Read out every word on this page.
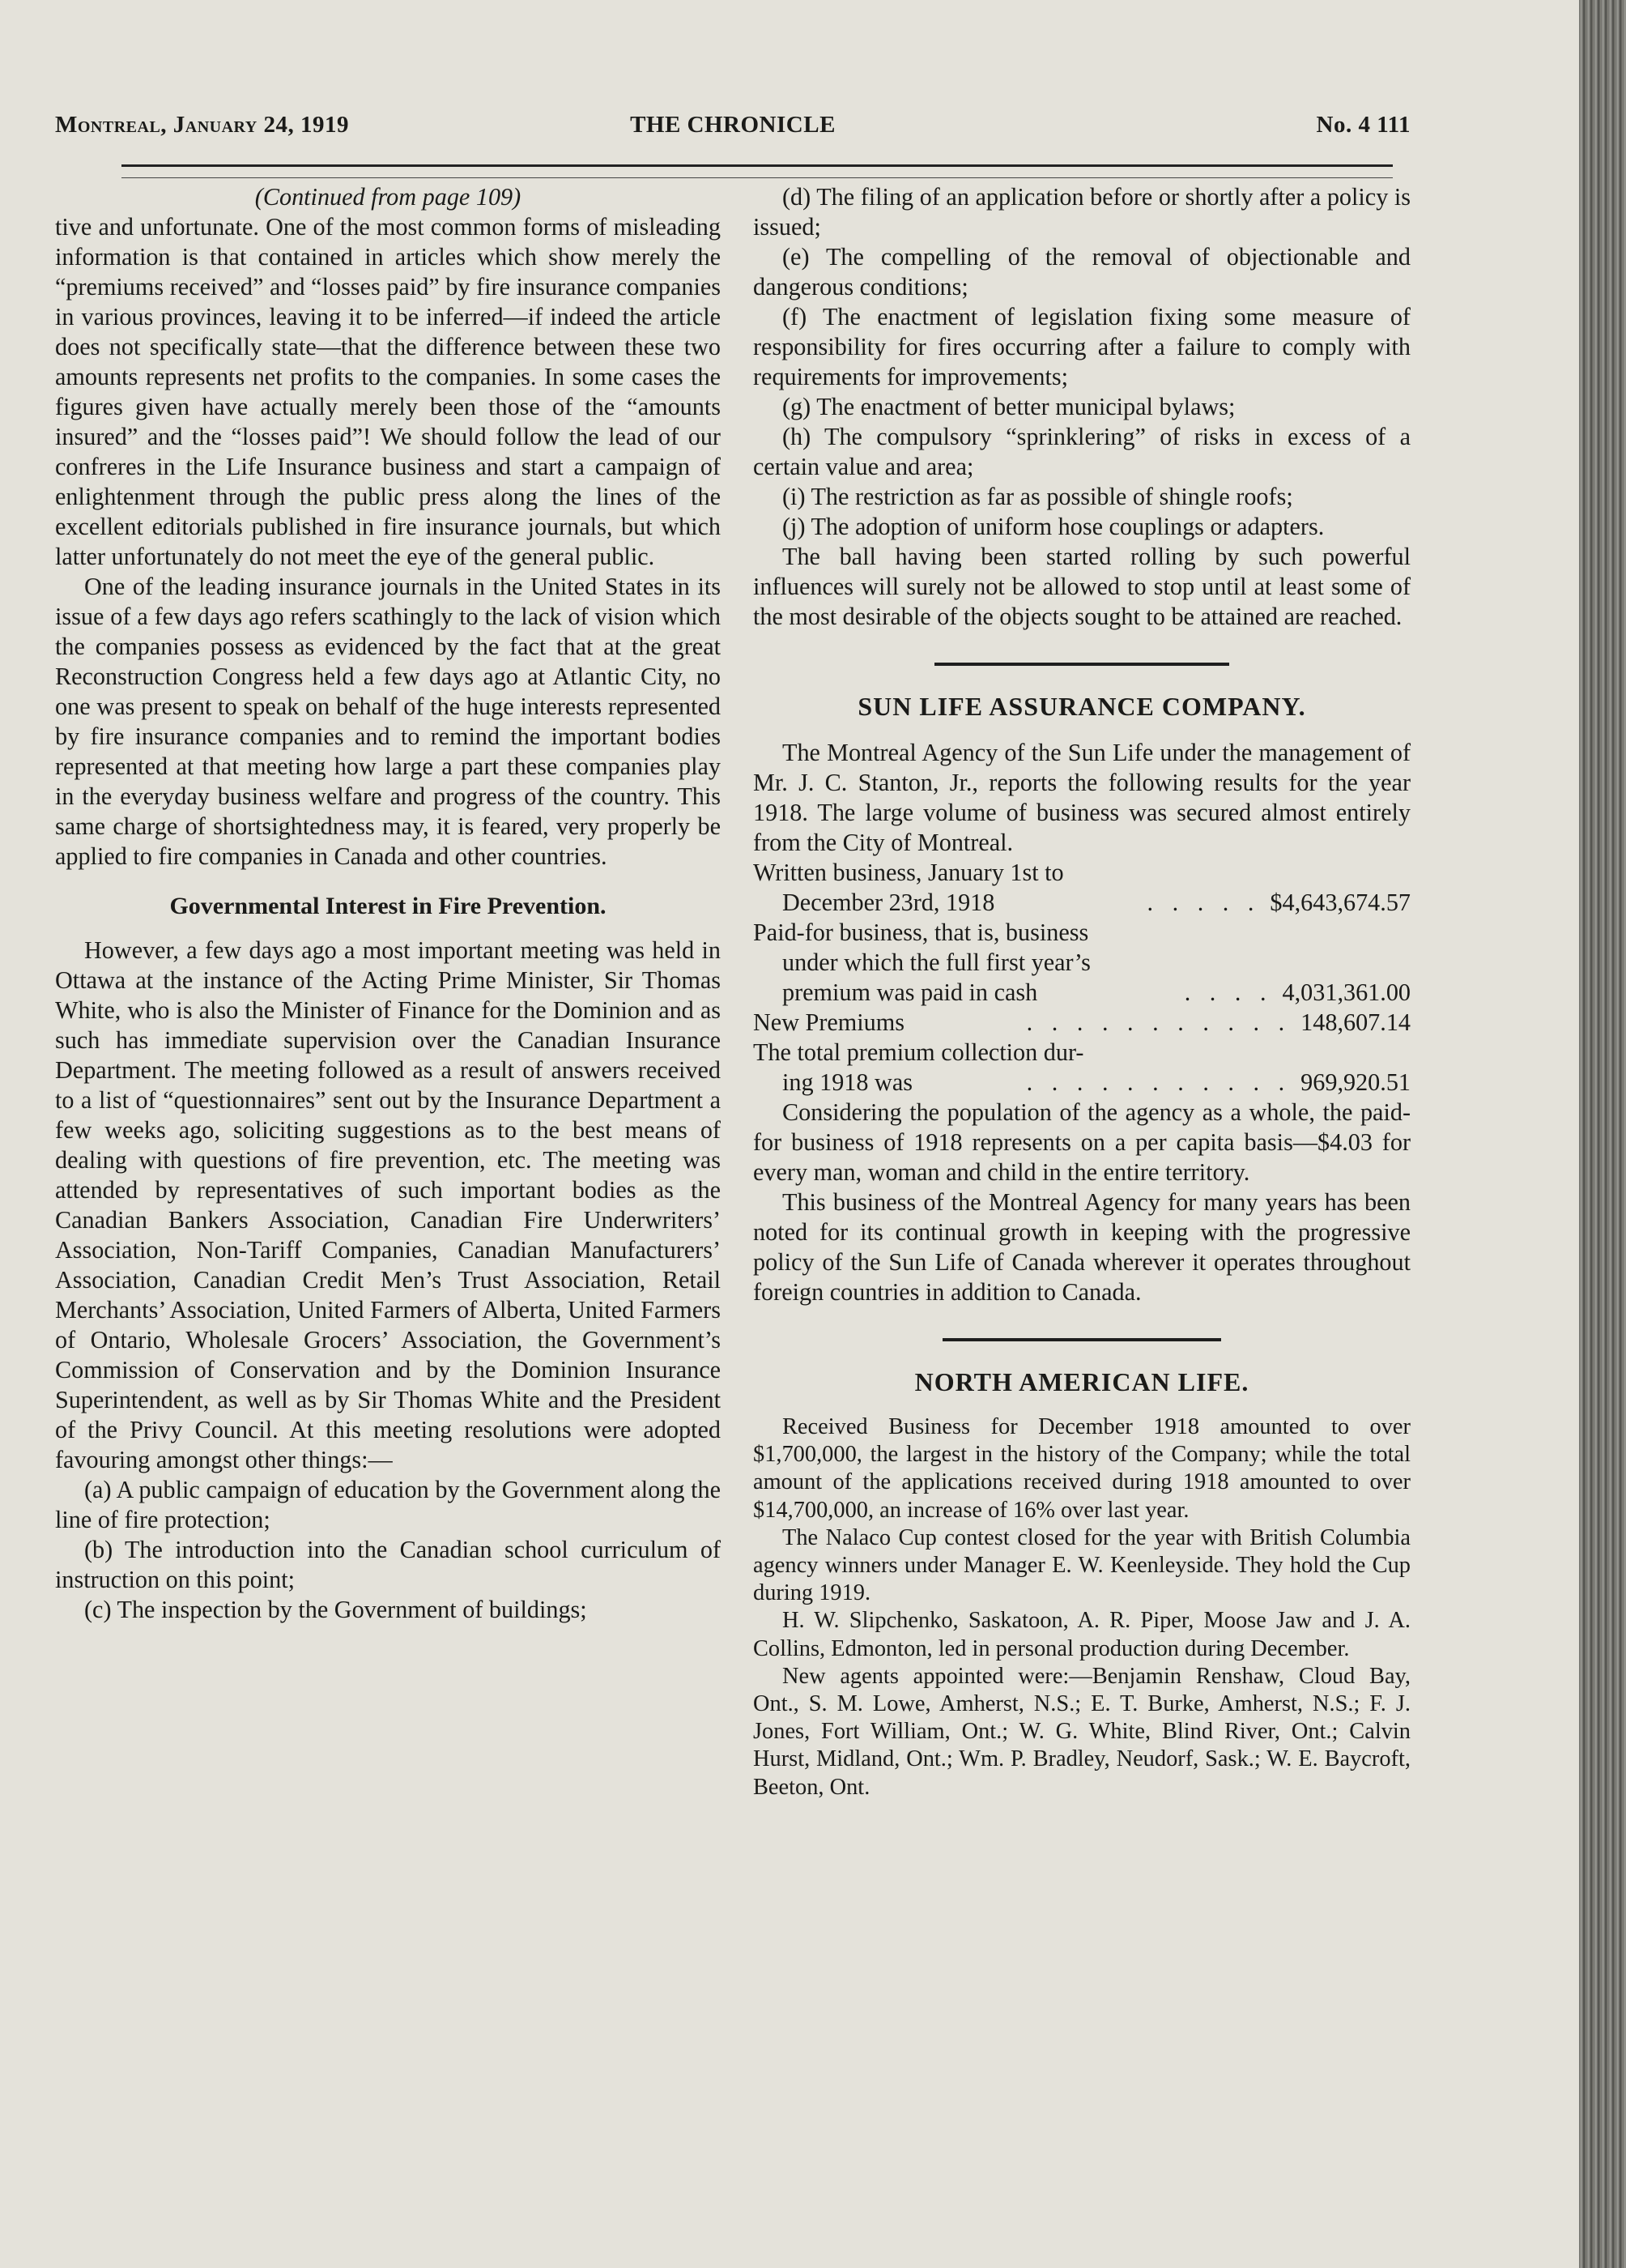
Montreal, January 24, 1919	THE CHRONICLE	No. 4 111

(Continued from page 109)

tive and unfortunate. One of the most common forms of misleading information is that contained in articles which show merely the “premiums received” and “losses paid” by fire insurance companies in various provinces, leaving it to be inferred—if indeed the article does not specifically state—that the difference between these two amounts represents net profits to the companies. In some cases the figures given have actually merely been those of the “amounts insured” and the “losses paid”! We should follow the lead of our confreres in the Life Insurance business and start a campaign of enlightenment through the public press along the lines of the excellent editorials published in fire insurance journals, but which latter unfortunately do not meet the eye of the general public.

One of the leading insurance journals in the United States in its issue of a few days ago refers scathingly to the lack of vision which the companies possess as evidenced by the fact that at the great Reconstruction Congress held a few days ago at Atlantic City, no one was present to speak on behalf of the huge interests represented by fire insurance companies and to remind the important bodies represented at that meeting how large a part these companies play in the everyday business welfare and progress of the country. This same charge of shortsightedness may, it is feared, very properly be applied to fire companies in Canada and other countries.

Governmental Interest in Fire Prevention.

However, a few days ago a most important meeting was held in Ottawa at the instance of the Acting Prime Minister, Sir Thomas White, who is also the Minister of Finance for the Dominion and as such has immediate supervision over the Canadian Insurance Department. The meeting followed as a result of answers received to a list of “questionnaires” sent out by the Insurance Department a few weeks ago, soliciting suggestions as to the best means of dealing with questions of fire prevention, etc. The meeting was attended by representatives of such important bodies as the Canadian Bankers Association, Canadian Fire Underwriters’ Association, Non-Tariff Companies, Canadian Manufacturers’ Association, Canadian Credit Men’s Trust Association, Retail Merchants’ Association, United Farmers of Alberta, United Farmers of Ontario, Wholesale Grocers’ Association, the Government’s Commission of Conservation and by the Dominion Insurance Superintendent, as well as by Sir Thomas White and the President of the Privy Council. At this meeting resolutions were adopted favouring amongst other things:—

(a) A public campaign of education by the Government along the line of fire protection;

(b) The introduction into the Canadian school curriculum of instruction on this point;

(c) The inspection by the Government of buildings;

(d) The filing of an application before or shortly after a policy is issued;

(e) The compelling of the removal of objectionable and dangerous conditions;

(f) The enactment of legislation fixing some measure of responsibility for fires occurring after a failure to comply with requirements for improvements;

(g) The enactment of better municipal bylaws;

(h) The compulsory “sprinklering” of risks in excess of a certain value and area;

(i) The restriction as far as possible of shingle roofs;

(j) The adoption of uniform hose couplings or adapters.

The ball having been started rolling by such powerful influences will surely not be allowed to stop until at least some of the most desirable of the objects sought to be attained are reached.

SUN LIFE ASSURANCE COMPANY.

The Montreal Agency of the Sun Life under the management of Mr. J. C. Stanton, Jr., reports the following results for the year 1918. The large volume of business was secured almost entirely from the City of Montreal.

Written business, January 1st to
December 23rd, 1918	. . . . . $4,643,674.57
Paid-for business, that is, business
under which the full first year’s
premium was paid in cash	. . . . 4,031,361.00
New Premiums	. . . . . . . . . . . 148,607.14
The total premium collection dur-
ing 1918 was	. . . . . . . . . . . 969,920.51

Considering the population of the agency as a whole, the paid-for business of 1918 represents on a per capita basis—$4.03 for every man, woman and child in the entire territory.

This business of the Montreal Agency for many years has been noted for its continual growth in keeping with the progressive policy of the Sun Life of Canada wherever it operates throughout foreign countries in addition to Canada.

NORTH AMERICAN LIFE.

Received Business for December 1918 amounted to over $1,700,000, the largest in the history of the Company; while the total amount of the applications received during 1918 amounted to over $14,700,000, an increase of 16% over last year.

The Nalaco Cup contest closed for the year with British Columbia agency winners under Manager E. W. Keenleyside. They hold the Cup during 1919.

H. W. Slipchenko, Saskatoon, A. R. Piper, Moose Jaw and J. A. Collins, Edmonton, led in personal production during December.

New agents appointed were:—Benjamin Renshaw, Cloud Bay, Ont., S. M. Lowe, Amherst, N.S.; E. T. Burke, Amherst, N.S.; F. J. Jones, Fort William, Ont.; W. G. White, Blind River, Ont.; Calvin Hurst, Midland, Ont.; Wm. P. Bradley, Neudorf, Sask.; W. E. Baycroft, Beeton, Ont.
